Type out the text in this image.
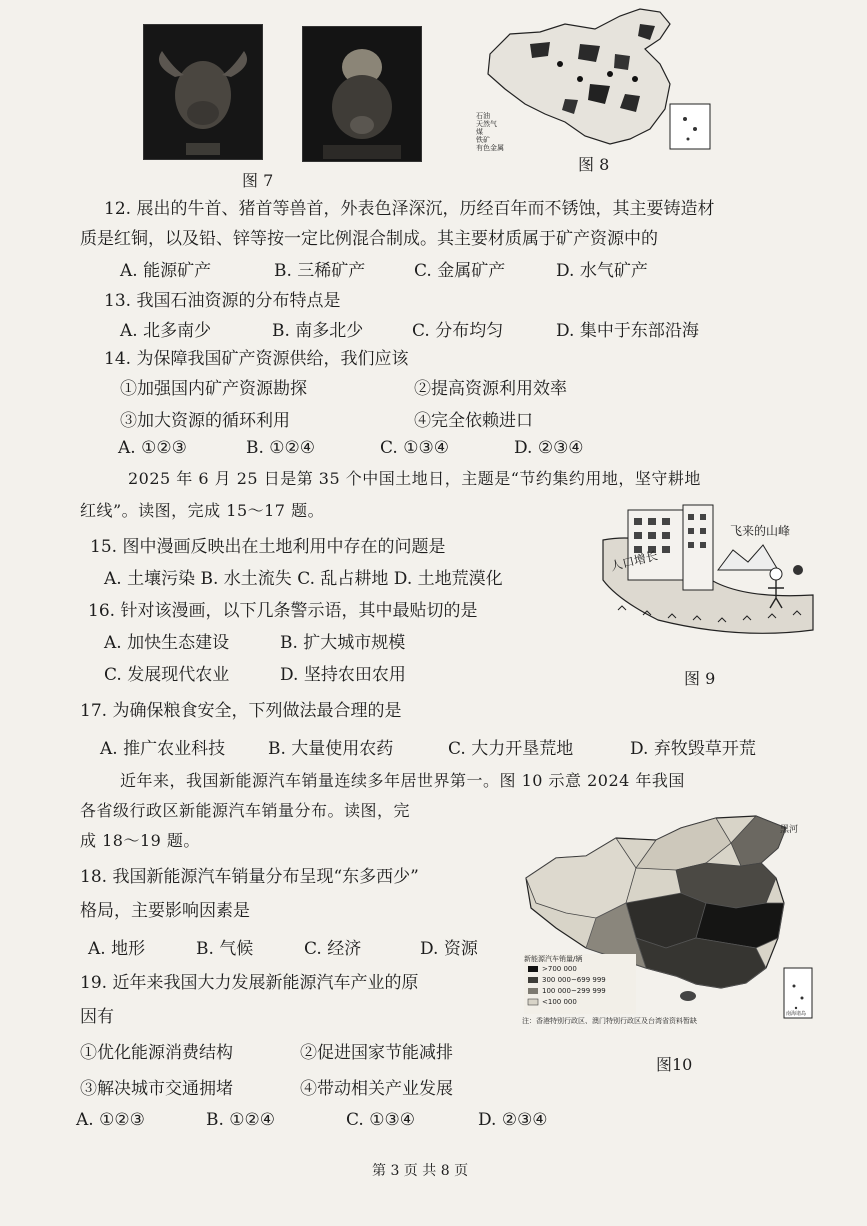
图 7
石油
天然气
煤
铁矿
有色金属
图 8
12. 展出的牛首、猪首等兽首，外表色泽深沉，历经百年而不锈蚀，其主要铸造材
质是红铜，以及铅、锌等按一定比例混合制成。其主要材质属于矿产资源中的
A. 能源矿产	B. 三稀矿产	C. 金属矿产	D. 水气矿产
13. 我国石油资源的分布特点是
A. 北多南少	B. 南多北少	C. 分布均匀	D. 集中于东部沿海
14. 为保障我国矿产资源供给，我们应该
①加强国内矿产资源勘探	②提高资源利用效率
③加大资源的循环利用	④完全依赖进口
A. ①②③	B. ①②④	C. ①③④	D. ②③④
2025 年 6 月 25 日是第 35 个中国土地日，主题是“节约集约用地，坚守耕地
红线”。读图，完成 15～17 题。
人口增长
飞来的山峰
图 9
15. 图中漫画反映出在土地利用中存在的问题是
A. 土壤污染 B. 水土流失 C. 乱占耕地 D. 土地荒漠化
16. 针对该漫画，以下几条警示语，其中最贴切的是
A. 加快生态建设	B. 扩大城市规模
C. 发展现代农业	D. 坚持农田农用
17. 为确保粮食安全，下列做法最合理的是
A. 推广农业科技	B. 大量使用农药	C. 大力开垦荒地	D. 弃牧毁草开荒
近年来，我国新能源汽车销量连续多年居世界第一。图 10 示意 2024 年我国
各省级行政区新能源汽车销量分布。读图，完
成 18～19 题。
黑河
新能源汽车销量/辆
>700 000
300 000~699 999
100 000~299 999
<100 000
注：香港特别行政区、澳门特别行政区及台湾省资料暂缺
南海诸岛
图10
18. 我国新能源汽车销量分布呈现“东多西少”
格局，主要影响因素是
A. 地形	B. 气候	C. 经济	D. 资源
19. 近年来我国大力发展新能源汽车产业的原
因有
①优化能源消费结构	②促进国家节能减排
③解决城市交通拥堵	④带动相关产业发展
A. ①②③	B. ①②④	C. ①③④	D. ②③④
第 3 页 共 8 页
